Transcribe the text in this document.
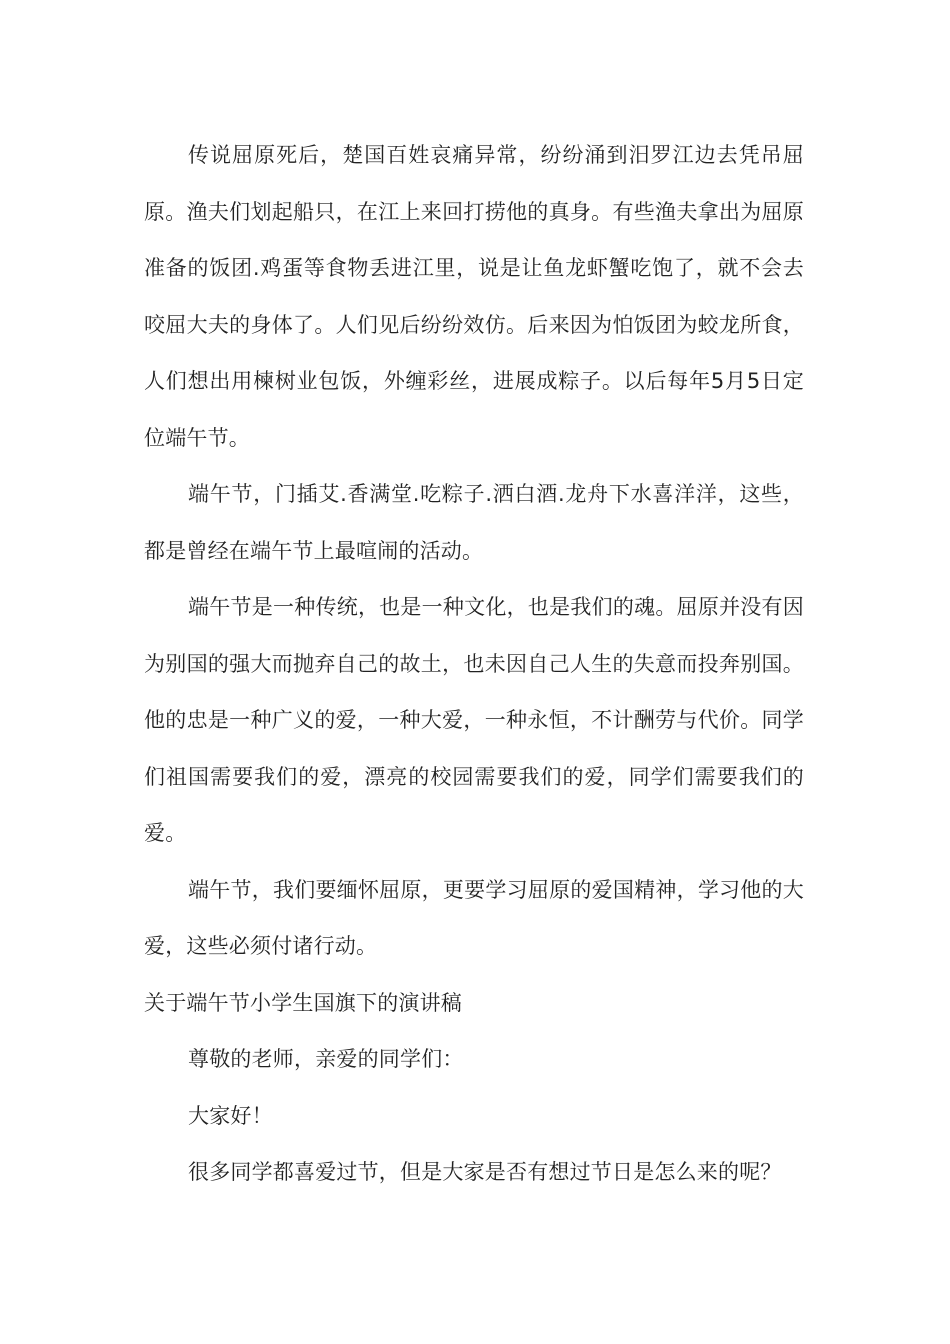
传说屈原死后，楚国百姓哀痛异常，纷纷涌到汨罗江边去凭吊屈原。渔夫们划起船只，在江上来回打捞他的真身。有些渔夫拿出为屈原准备的饭团.鸡蛋等食物丢进江里，说是让鱼龙虾蟹吃饱了，就不会去咬屈大夫的身体了。人们见后纷纷效仿。后来因为怕饭团为蛟龙所食，人们想出用楝树业包饭，外缠彩丝，进展成粽子。以后每年5月5日定位端午节。

端午节，门插艾.香满堂.吃粽子.洒白酒.龙舟下水喜洋洋，这些，都是曾经在端午节上最喧闹的活动。

端午节是一种传统，也是一种文化，也是我们的魂。屈原并没有因为别国的强大而抛弃自己的故土，也未因自己人生的失意而投奔别国。他的忠是一种广义的爱，一种大爱，一种永恒，不计酬劳与代价。同学们祖国需要我们的爱，漂亮的校园需要我们的爱，同学们需要我们的爱。

端午节，我们要缅怀屈原，更要学习屈原的爱国精神，学习他的大爱，这些必须付诸行动。

关于端午节小学生国旗下的演讲稿

尊敬的老师，亲爱的同学们：

大家好！

很多同学都喜爱过节，但是大家是否有想过节日是怎么来的呢？
